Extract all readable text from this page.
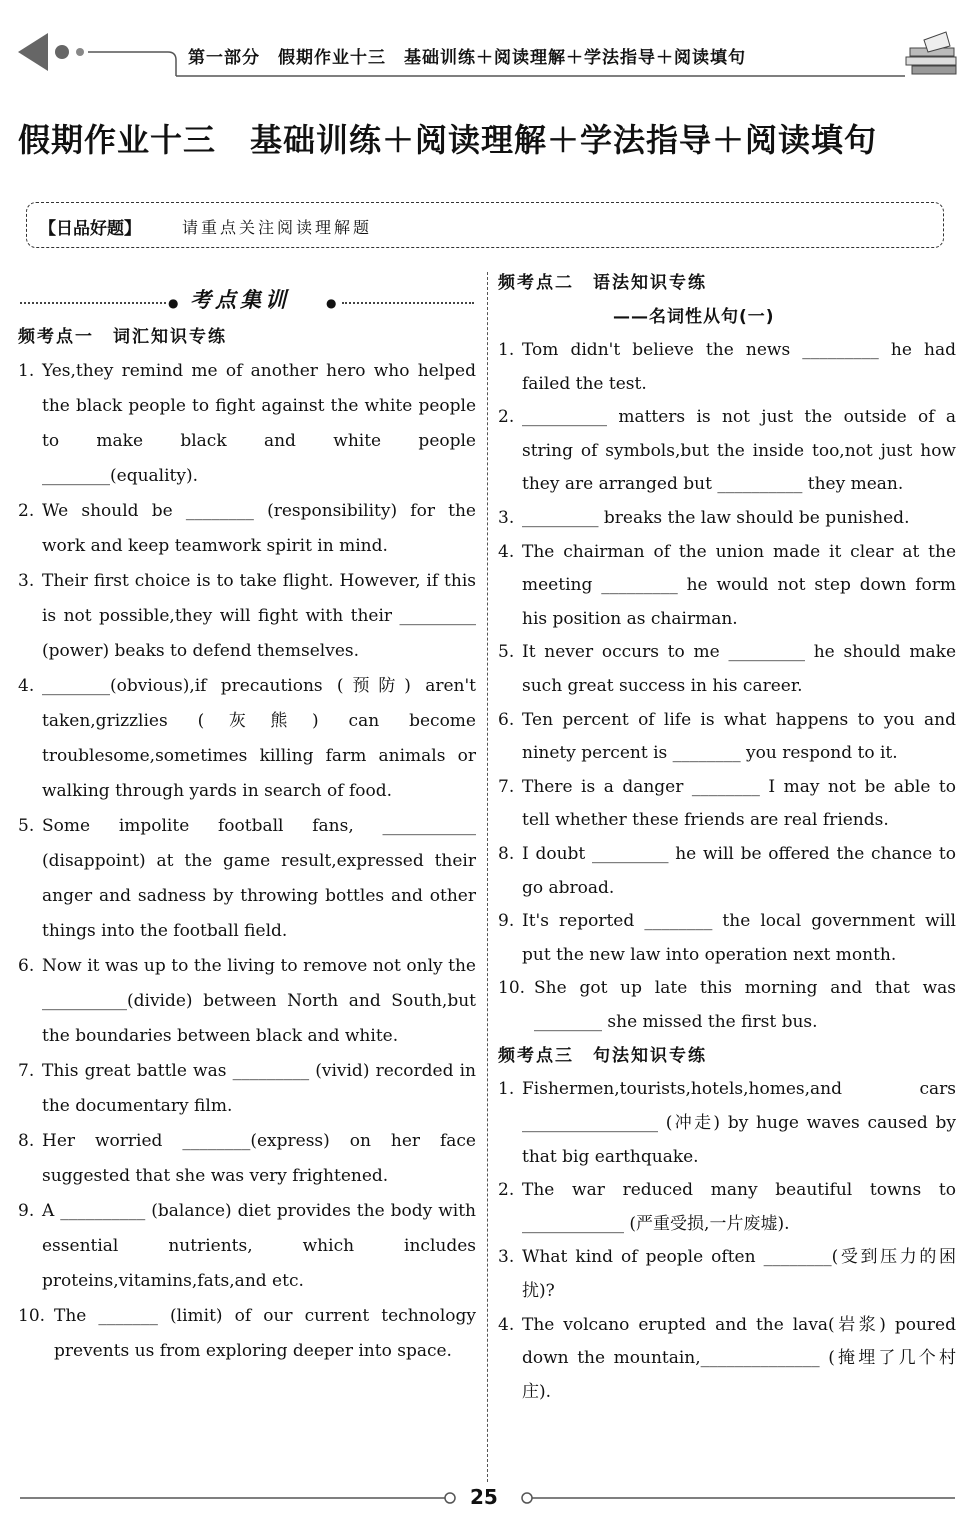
第一部分　假期作业十三　基础训练＋阅读理解＋学法指导＋阅读填句
假期作业十三 基础训练＋阅读理解＋学法指导＋阅读填句
【日品好题】	请重点关注阅读理解题
● 考点集训	●
频考点一　词汇知识专练
1. Yes,they remind me of another hero who helped the black people to fight against the white people to make black and white people ________(equality).
2. We should be ________ (responsibility) for the work and keep teamwork spirit in mind.
3. Their first choice is to take flight. However, if this is not possible,they will fight with their _________ (power) beaks to defend themselves.
4. ________(obvious),if precautions (预防) aren't taken,grizzlies (灰熊) can become troublesome,sometimes killing farm animals or walking through yards in search of food.
5. Some impolite football fans, ___________ (disappoint) at the game result,expressed their anger and sadness by throwing bottles and other things into the football field.
6. Now it was up to the living to remove not only the __________(divide) between North and South,but the boundaries between black and white.
7. This great battle was _________ (vivid) recorded in the documentary film.
8. Her worried ________(express) on her face suggested that she was very frightened.
9. A __________ (balance) diet provides the body with essential nutrients, which includes proteins,vitamins,fats,and etc.
10. The _______ (limit) of our current technology prevents us from exploring deeper into space.
频考点二　语法知识专练
——名词性从句(一)
1. Tom didn't believe the news _________ he had failed the test.
2. __________ matters is not just the outside of a string of symbols,but the inside too,not just how they are arranged but __________ they mean.
3. _________ breaks the law should be punished.
4. The chairman of the union made it clear at the meeting _________ he would not step down form his position as chairman.
5. It never occurs to me _________ he should make such great success in his career.
6. Ten percent of life is what happens to you and ninety percent is ________ you respond to it.
7. There is a danger ________ I may not be able to tell whether these friends are real friends.
8. I doubt _________ he will be offered the chance to go abroad.
9. It's reported ________ the local government will put the new law into operation next month.
10. She got up late this morning and that was ________ she missed the first bus.
频考点三　句法知识专练
1. Fishermen,tourists,hotels,homes,and cars ________________ (冲走) by huge waves caused by that big earthquake.
2. The war reduced many beautiful towns to ____________ (严重受损,一片废墟).
3. What kind of people often ________(受到压力的困扰)?
4. The volcano erupted and the lava(岩浆) poured down the mountain,______________ (掩埋了几个村庄).
25
